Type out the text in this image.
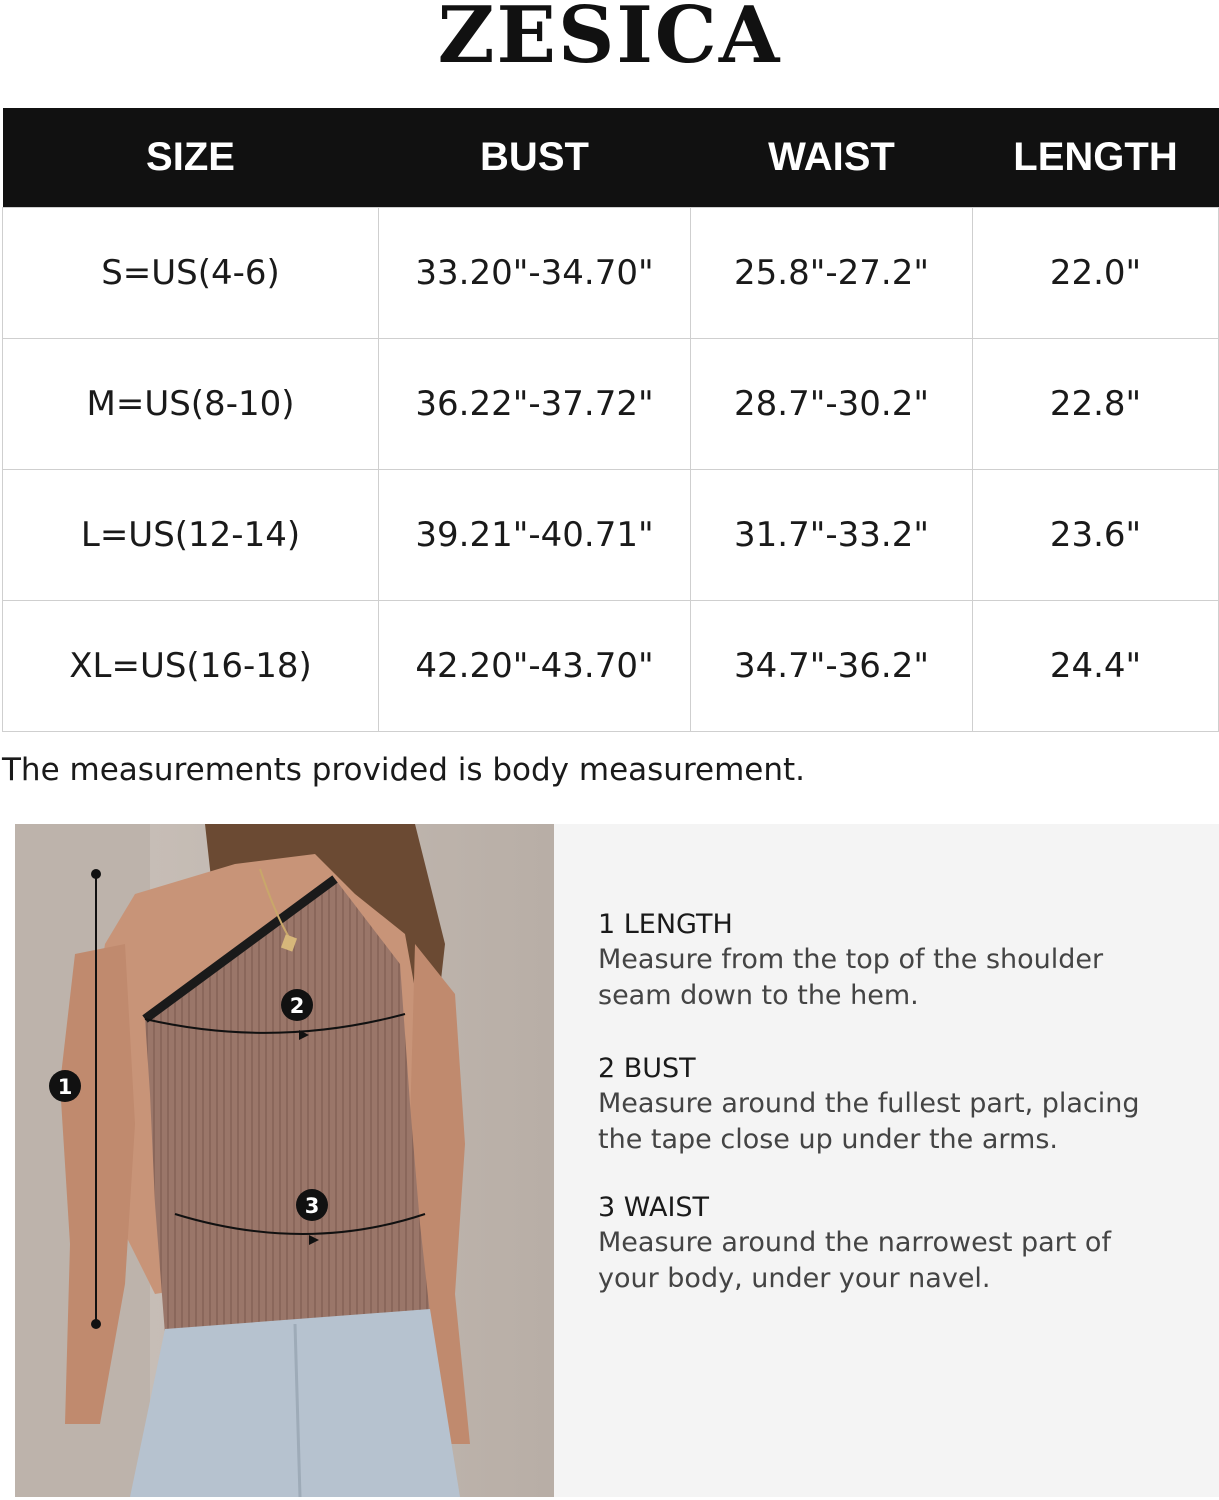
ZESICA
SIZE	BUST	WAIST	LENGTH
S=US(4-6)	33.20"-34.70"	25.8"-27.2"	22.0"
M=US(8-10)	36.22"-37.72"	28.7"-30.2"	22.8"
L=US(12-14)	39.21"-40.71"	31.7"-33.2"	23.6"
XL=US(16-18)	42.20"-43.70"	34.7"-36.2"	24.4"
The measurements provided is body measurement.
1
2
3
1 LENGTH
Measure from the top of the shoulder
seam down to the hem.
2 BUST
Measure around the fullest part, placing
the tape close up under the arms.
3 WAIST
Measure around the narrowest part of
your body, under your navel.
